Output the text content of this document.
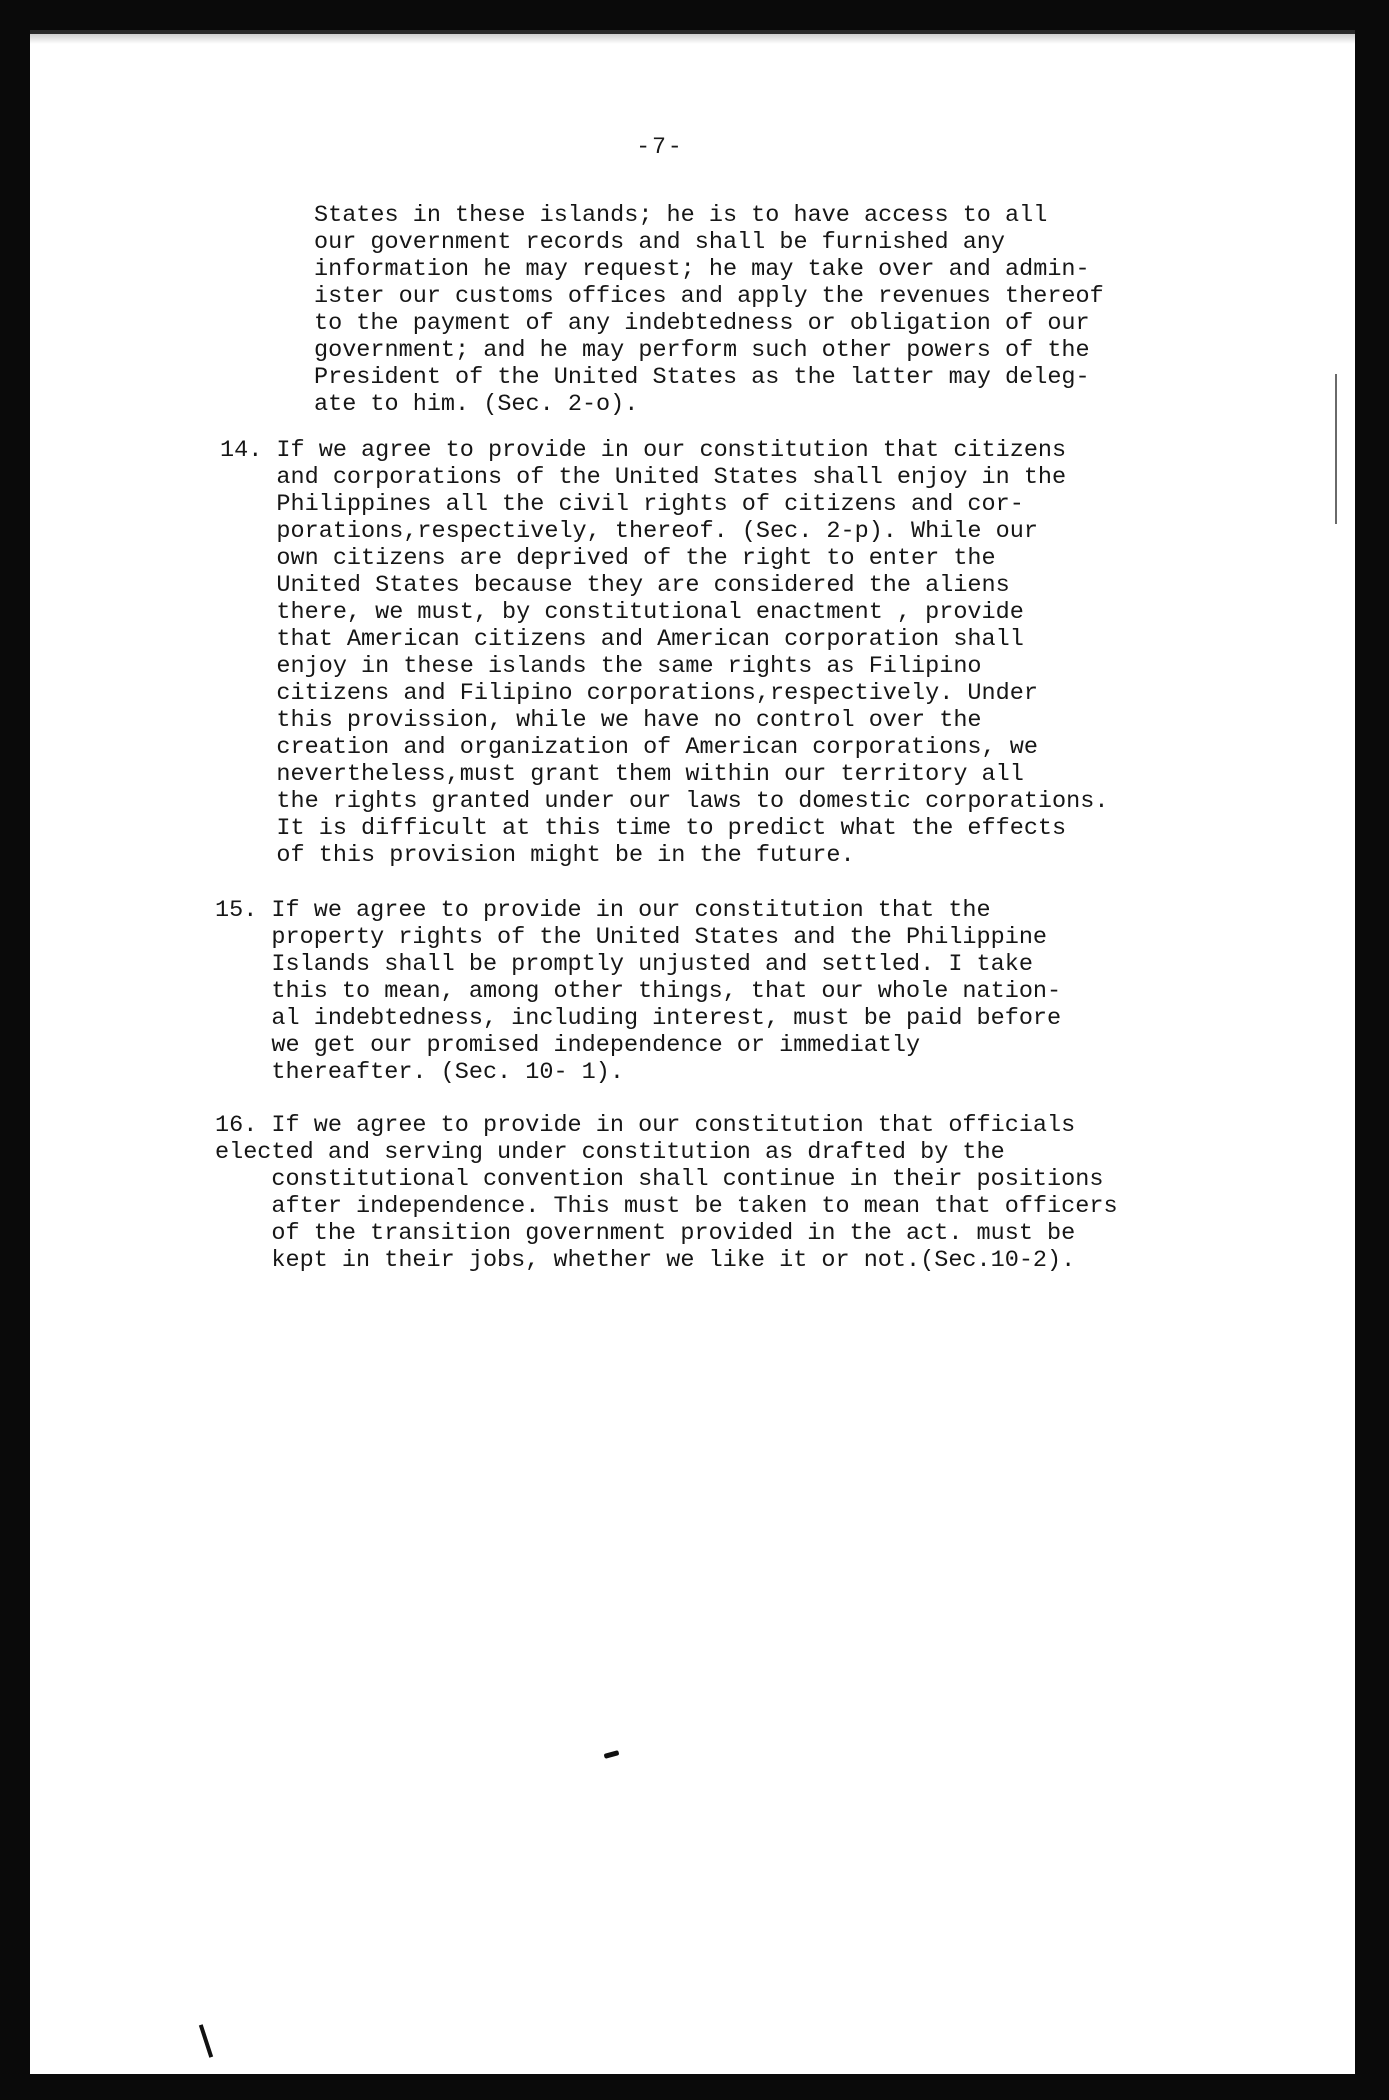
-7-
States in these islands; he is to have access to all
our government records and shall be furnished any
information he may request; he may take over and admin-
ister our customs offices and apply the revenues thereof
to the payment of any indebtedness or obligation of our
government; and he may perform such other powers of the
President of the United States as the latter may deleg-
ate to him. (Sec. 2-o).
14. If we agree to provide in our constitution that citizens
and corporations of the United States shall enjoy in the
Philippines all the civil rights of citizens and cor-
porations,respectively, thereof. (Sec. 2-p). While our
own citizens are deprived of the right to enter the
United States because they are considered the aliens
there, we must, by constitutional enactment , provide
that American citizens and American corporation shall
enjoy in these islands the same rights as Filipino
citizens and Filipino corporations,respectively. Under
this provission, while we have no control over the
creation and organization of American corporations, we
nevertheless,must grant them within our territory all
the rights granted under our laws to domestic corporations.
It is difficult at this time to predict what the effects
of this provision might be in the future.
15. If we agree to provide in our constitution that the
property rights of the United States and the Philippine
Islands shall be promptly unjusted and settled. I take
this to mean, among other things, that our whole nation-
al indebtedness, including interest, must be paid before
we get our promised independence or immediatly
thereafter. (Sec. 10- 1).
16. If we agree to provide in our constitution that officials
elected and serving under constitution as drafted by the
constitutional convention shall continue in their positions
after independence. This must be taken to mean that officers
of the transition government provided in the act. must be
kept in their jobs, whether we like it or not.(Sec.10-2).
